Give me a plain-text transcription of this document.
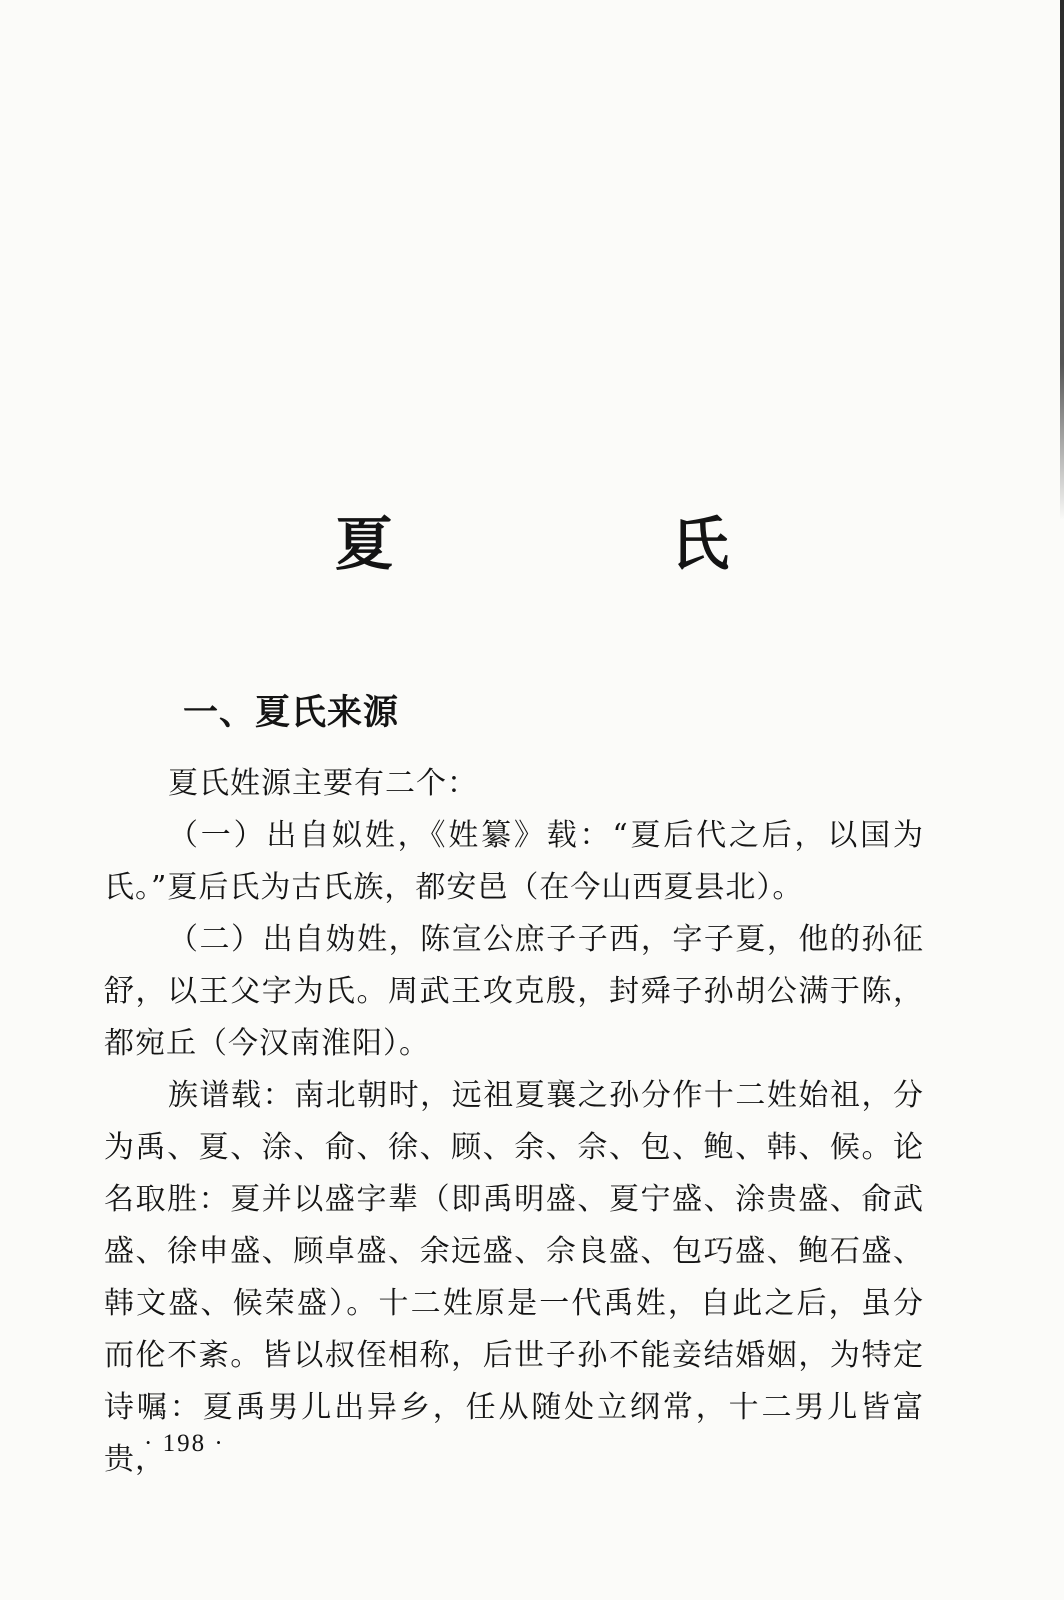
夏　氏
一、夏氏来源

夏氏姓源主要有二个：

（一）出自姒姓，《姓纂》载：“夏后代之后，以国为氏。”夏后氏为古氏族，都安邑（在今山西夏县北）。

（二）出自妫姓，陈宣公庶子子西，字子夏，他的孙征舒，以王父字为氏。周武王攻克殷，封舜子孙胡公满于陈，都宛丘（今汉南淮阳）。

族谱载：南北朝时，远祖夏襄之孙分作十二姓始祖，分为禹、夏、涂、俞、徐、顾、余、佘、包、鲍、韩、候。论名取胜：夏并以盛字辈（即禹明盛、夏宁盛、涂贵盛、俞武盛、徐申盛、顾卓盛、余远盛、佘良盛、包巧盛、鲍石盛、韩文盛、候荣盛）。十二姓原是一代禹姓，自此之后，虽分而伦不紊。皆以叔侄相称，后世子孙不能妾结婚姻，为特定诗嘱：夏禹男儿出异乡，任从随处立纲常，十二男儿皆富贵，

· 198 ·
